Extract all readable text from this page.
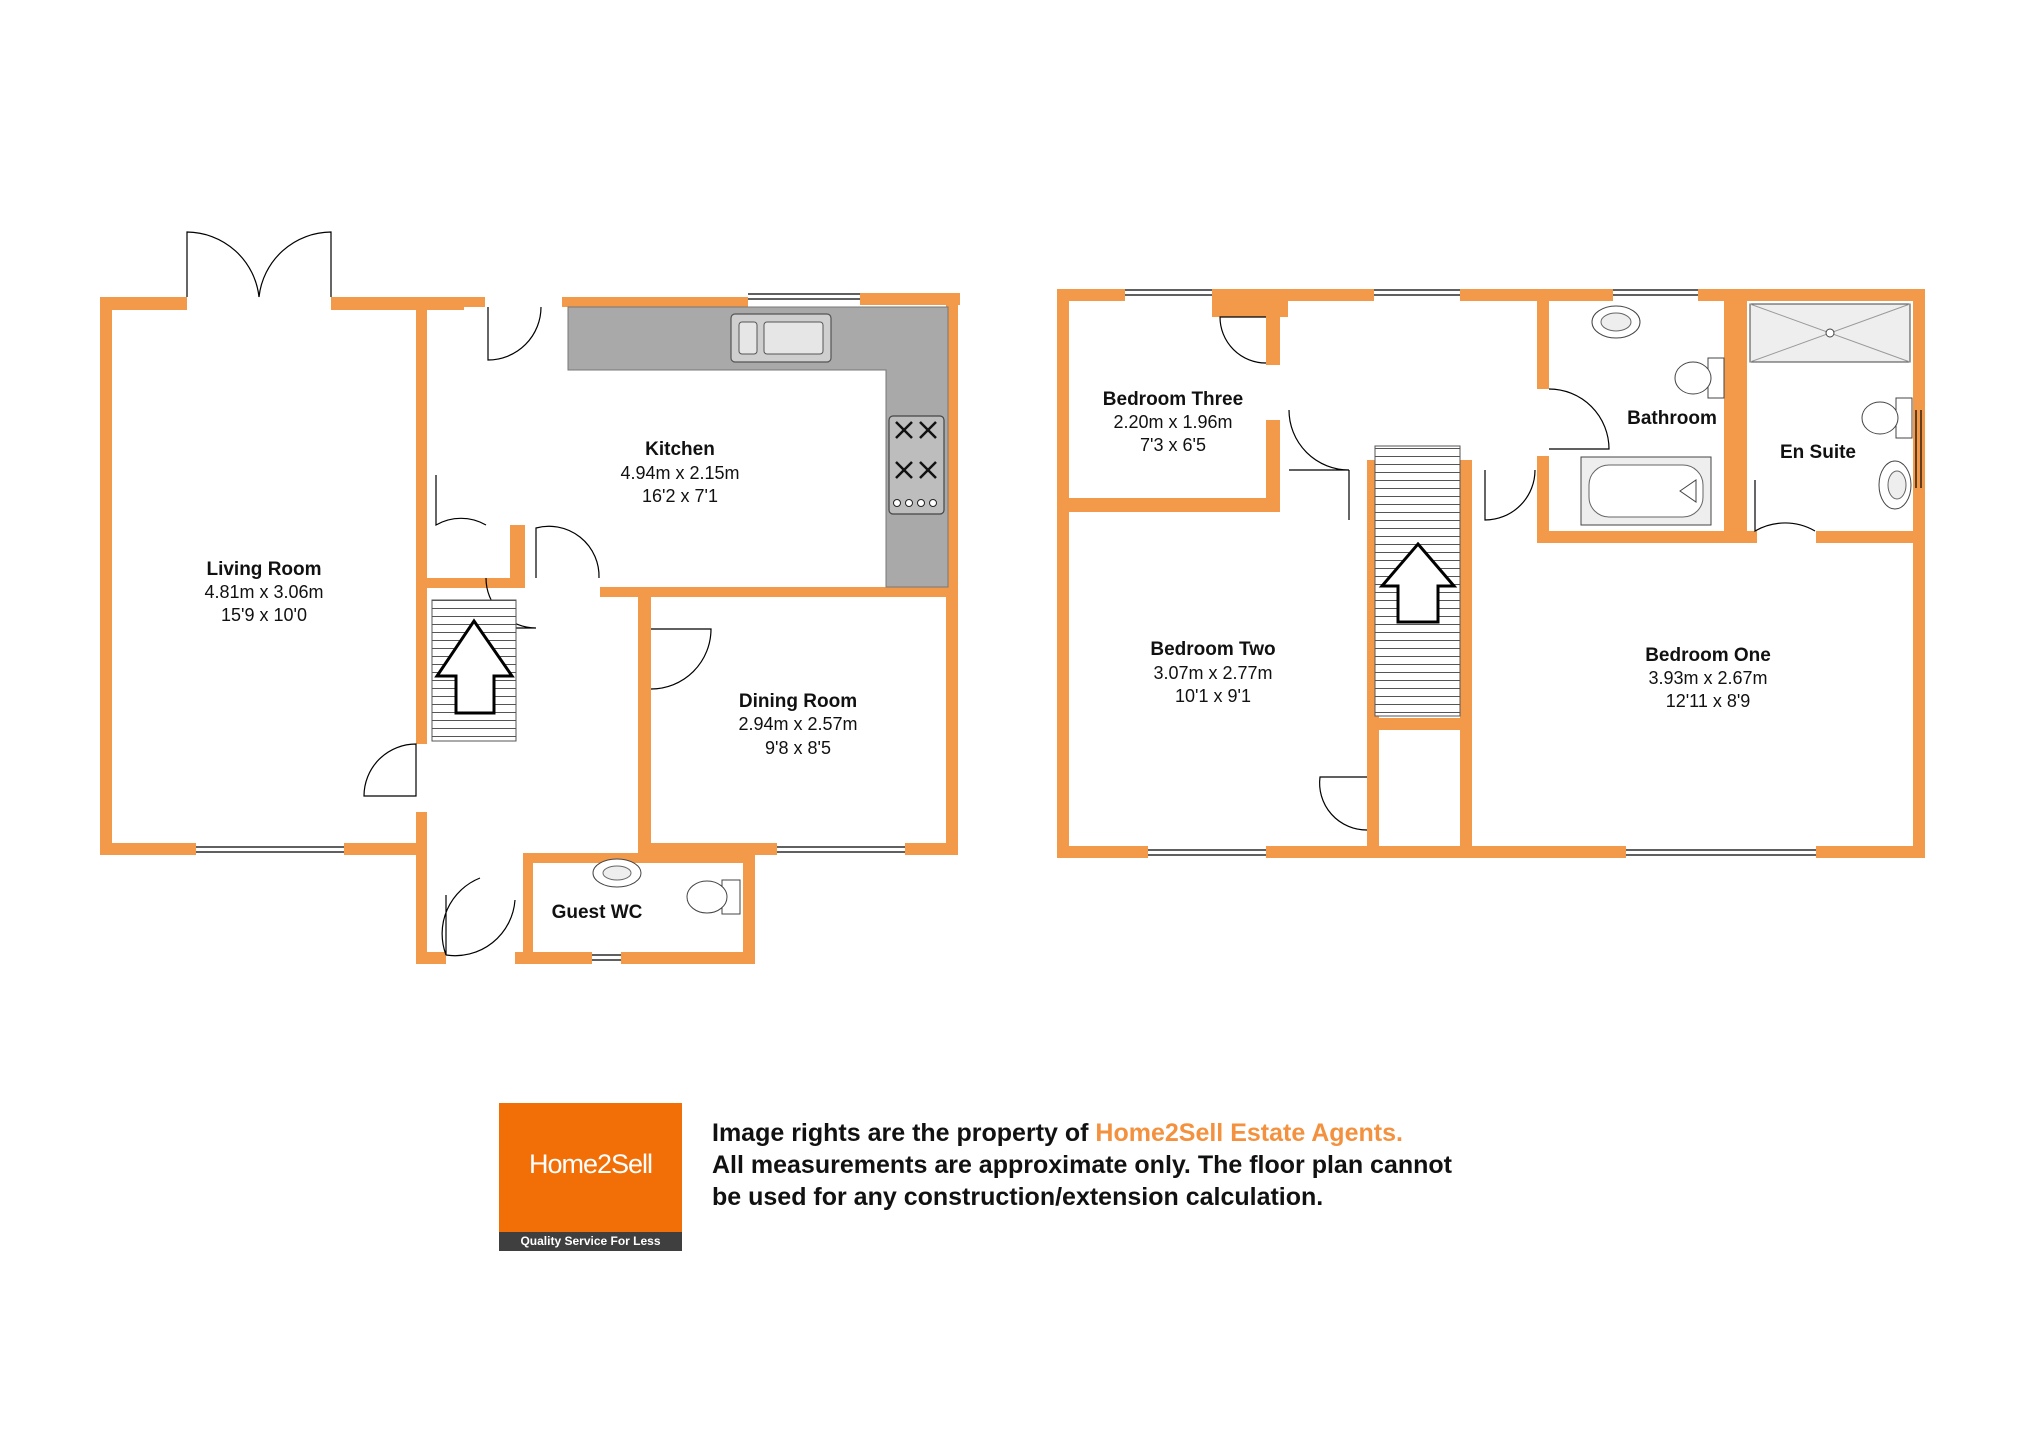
Living Room
4.81m x 3.06m
15'9 x 10'0
Kitchen
4.94m x 2.15m
16'2 x 7'1
Dining Room
2.94m x 2.57m
9'8 x 8'5
Guest WC
Bedroom Three
2.20m x 1.96m
7'3 x 6'5
Bedroom Two
3.07m x 2.77m
10'1 x 9'1
Bedroom One
3.93m x 2.67m
12'11 x 8'9
Bathroom
En Suite
Home2Sell
Quality Service For Less
Image rights are the property of Home2Sell Estate Agents.
All measurements are approximate only. The floor plan cannot
be used for any construction/extension calculation.
